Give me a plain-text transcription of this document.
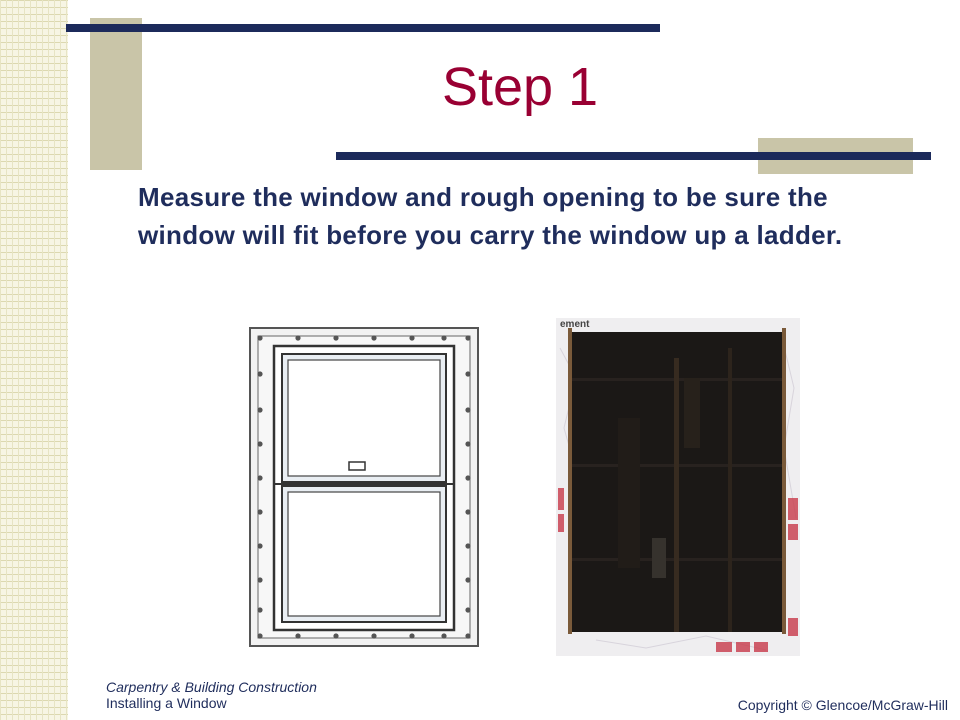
Step 1
Measure the window and rough opening to be sure the window will fit before you carry the window up a ladder.
ement
Carpentry & Building Construction
Installing a Window	Copyright © Glencoe/McGraw-Hill
